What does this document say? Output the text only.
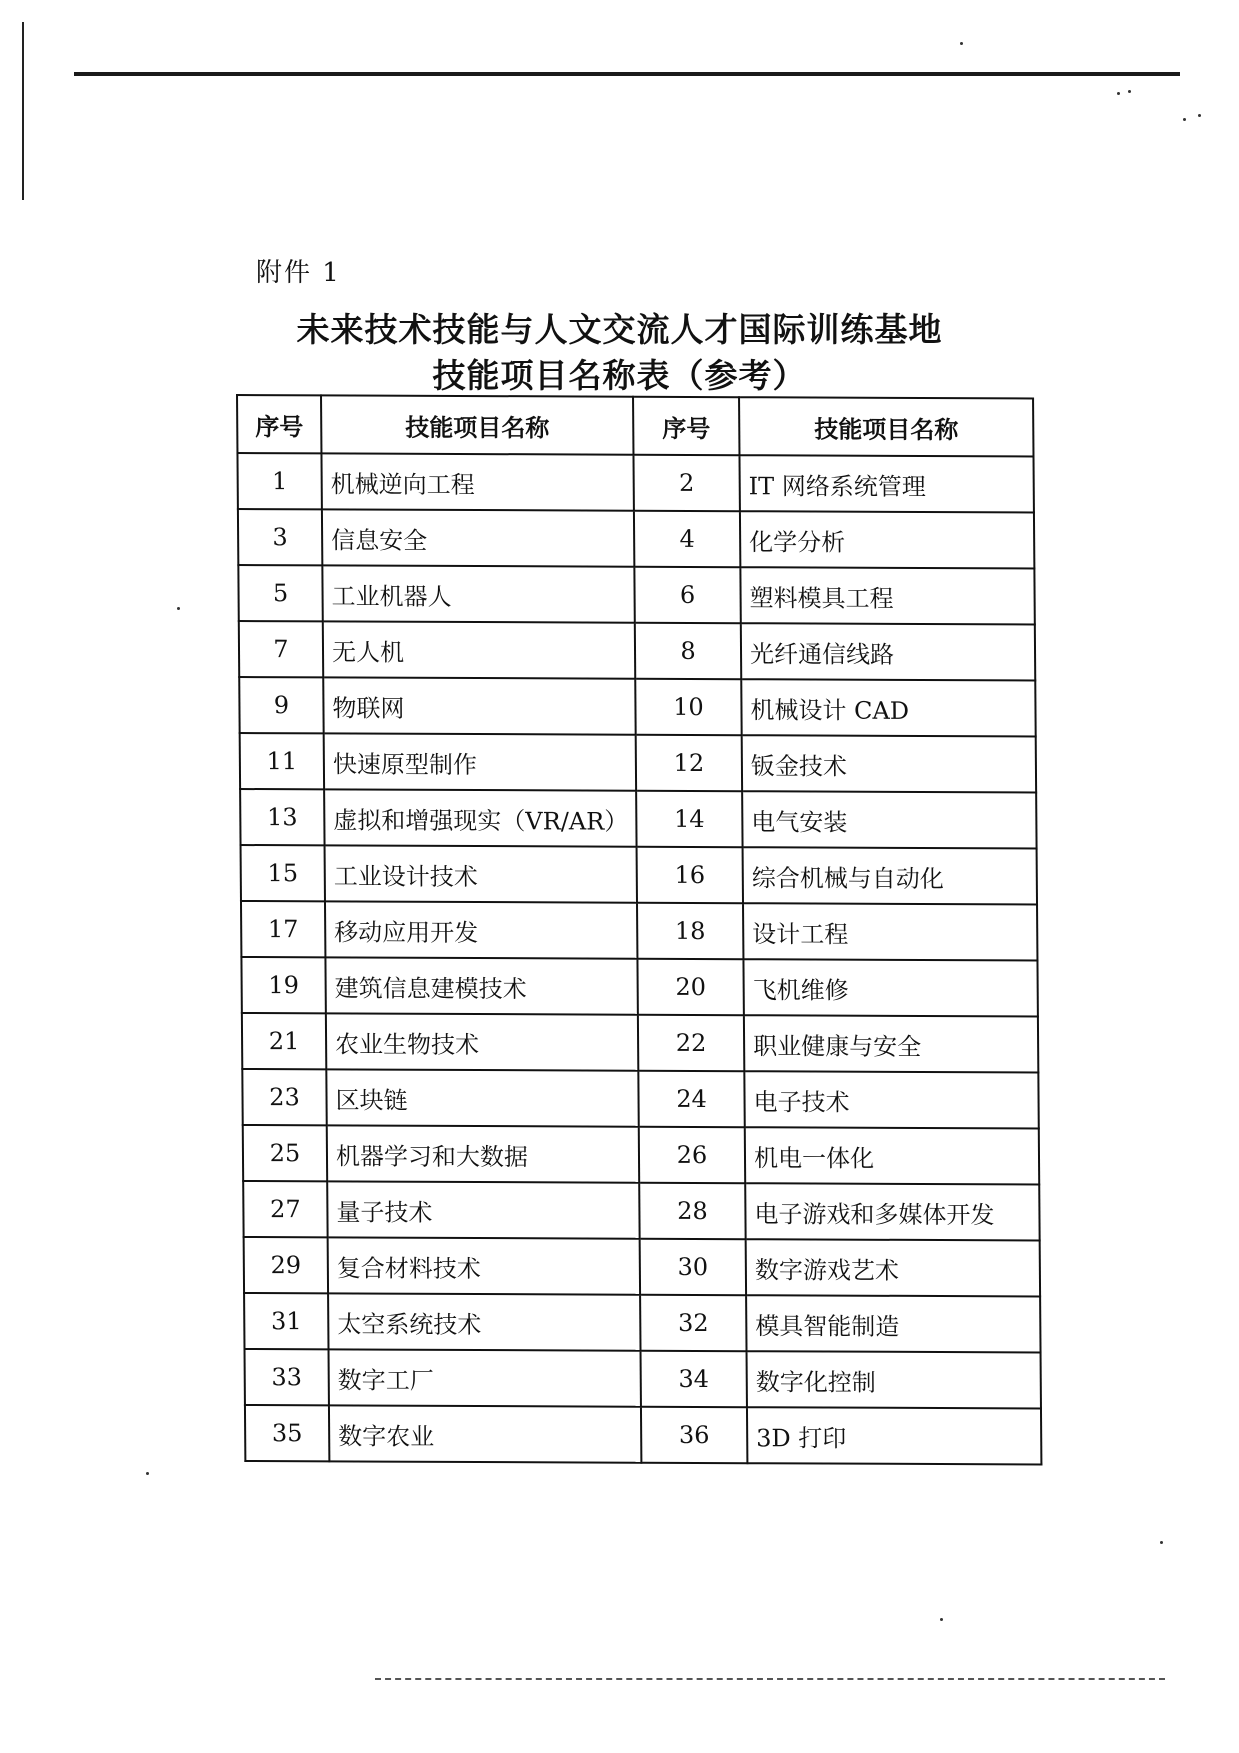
附件 1
未来技术技能与人文交流人才国际训练基地
技能项目名称表（参考）
序号	技能项目名称	序号	技能项目名称
1	机械逆向工程	2	IT 网络系统管理
3	信息安全	4	化学分析
5	工业机器人	6	塑料模具工程
7	无人机	8	光纤通信线路
9	物联网	10	机械设计 CAD
11	快速原型制作	12	钣金技术
13	虚拟和增强现实（VR/AR）	14	电气安装
15	工业设计技术	16	综合机械与自动化
17	移动应用开发	18	设计工程
19	建筑信息建模技术	20	飞机维修
21	农业生物技术	22	职业健康与安全
23	区块链	24	电子技术
25	机器学习和大数据	26	机电一体化
27	量子技术	28	电子游戏和多媒体开发
29	复合材料技术	30	数字游戏艺术
31	太空系统技术	32	模具智能制造
33	数字工厂	34	数字化控制
35	数字农业	36	3D 打印
